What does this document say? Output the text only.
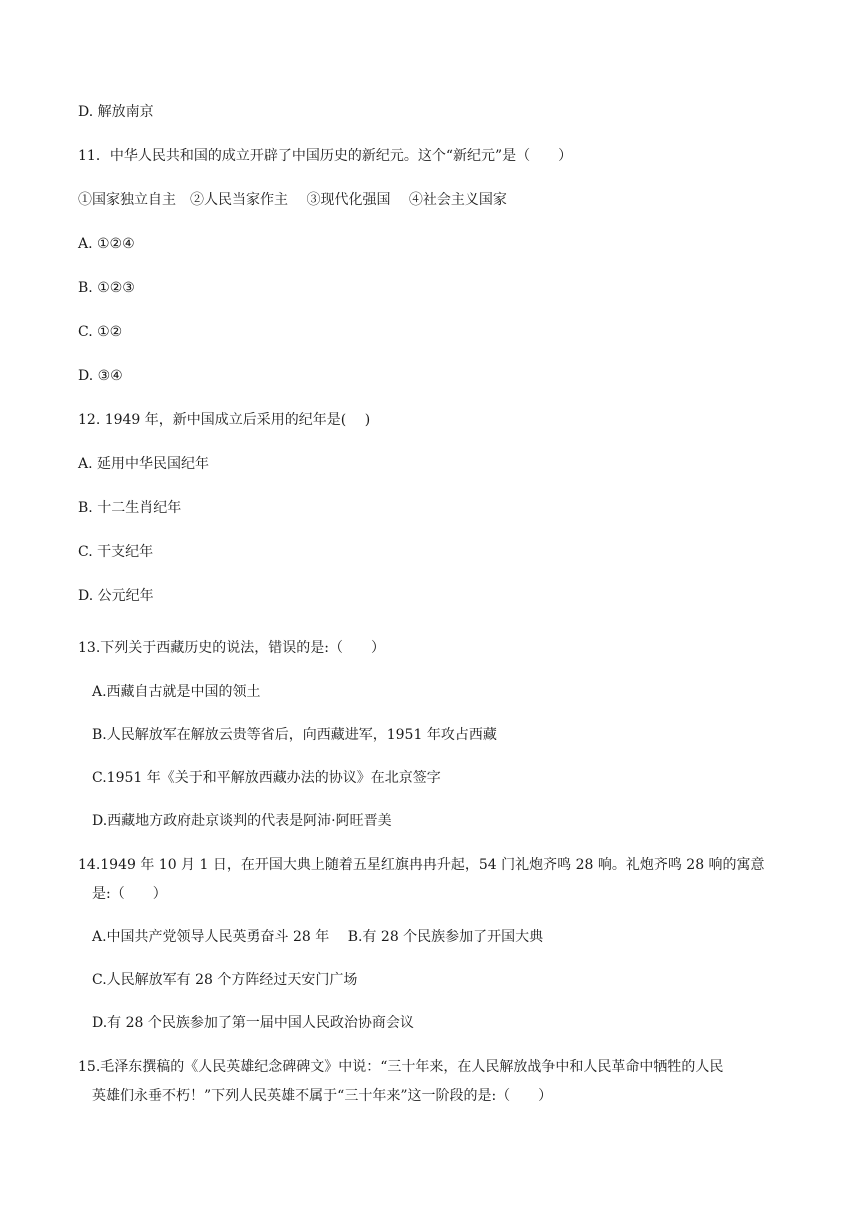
D. 解放南京
11．中华人民共和国的成立开辟了中国历史的新纪元。这个“新纪元”是（　　）
①国家独立自主　②人民当家作主　 ③现代化强国　 ④社会主义国家
A. ①②④
B. ①②③
C. ①②
D. ③④
12. 1949 年，新中国成立后采用的纪年是(　 )
A. 延用中华民国纪年
B. 十二生肖纪年
C. 干支纪年
D. 公元纪年
13.下列关于西藏历史的说法，错误的是:（　　）
A.西藏自古就是中国的领土
B.人民解放军在解放云贵等省后，向西藏进军，1951 年攻占西藏
C.1951 年《关于和平解放西藏办法的协议》在北京签字
D.西藏地方政府赴京谈判的代表是阿沛·阿旺晋美
14.1949 年 10 月 1 日，在开国大典上随着五星红旗冉冉升起，54 门礼炮齐鸣 28 响。礼炮齐鸣 28 响的寓意
是:（　　）
A.中国共产党领导人民英勇奋斗 28 年　 B.有 28 个民族参加了开国大典
C.人民解放军有 28 个方阵经过天安门广场
D.有 28 个民族参加了第一届中国人民政治协商会议
15.毛泽东撰稿的《人民英雄纪念碑碑文》中说：“三十年来，在人民解放战争中和人民革命中牺牲的人民
英雄们永垂不朽！”下列人民英雄不属于“三十年来”这一阶段的是:（　　）
